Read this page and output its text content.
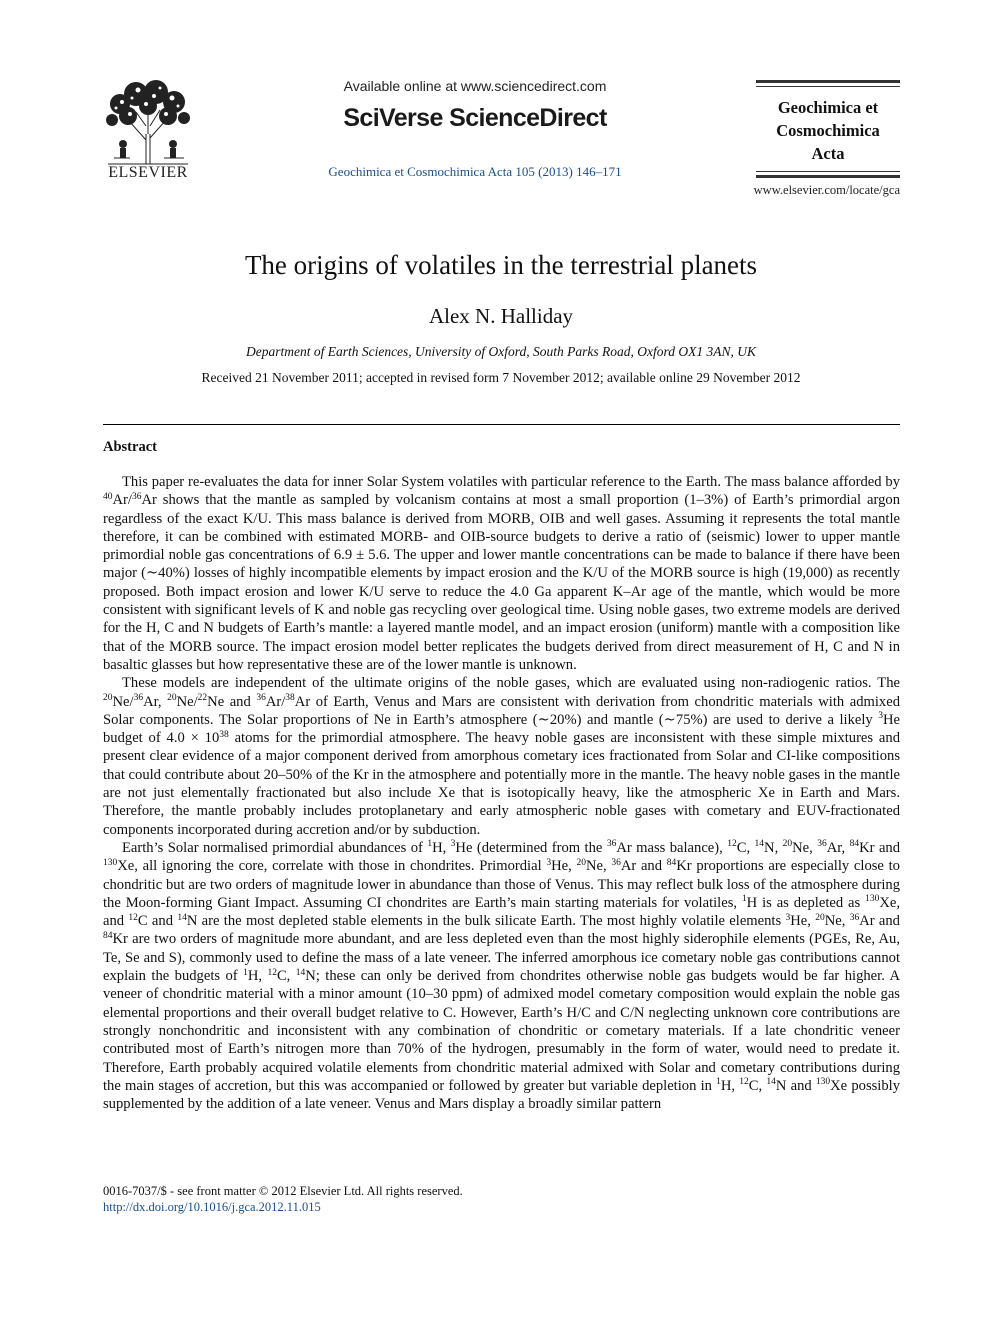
ELSEVIER
Available online at www.sciencedirect.com
SciVerse ScienceDirect
Geochimica et Cosmochimica Acta 105 (2013) 146–171
Geochimica et
Cosmochimica
Acta
www.elsevier.com/locate/gca
The origins of volatiles in the terrestrial planets
Alex N. Halliday
Department of Earth Sciences, University of Oxford, South Parks Road, Oxford OX1 3AN, UK
Received 21 November 2011; accepted in revised form 7 November 2012; available online 29 November 2012
Abstract

This paper re-evaluates the data for inner Solar System volatiles with particular reference to the Earth. The mass balance afforded by $^{40}$Ar/$^{36}$Ar shows that the mantle as sampled by volcanism contains at most a small proportion (1–3%) of Earth’s primordial argon regardless of the exact K/U. This mass balance is derived from MORB, OIB and well gases. Assuming it represents the total mantle therefore, it can be combined with estimated MORB- and OIB-source budgets to derive a ratio of (seismic) lower to upper mantle primordial noble gas concentrations of 6.9 ± 5.6. The upper and lower mantle concentrations can be made to balance if there have been major (∼40%) losses of highly incompatible elements by impact erosion and the K/U of the MORB source is high (19,000) as recently proposed. Both impact erosion and lower K/U serve to reduce the 4.0 Ga apparent K–Ar age of the mantle, which would be more consistent with significant levels of K and noble gas recycling over geological time. Using noble gases, two extreme models are derived for the H, C and N budgets of Earth’s mantle: a layered mantle model, and an impact erosion (uniform) mantle with a composition like that of the MORB source. The impact erosion model better replicates the budgets derived from direct measurement of H, C and N in basaltic glasses but how representative these are of the lower mantle is unknown.

These models are independent of the ultimate origins of the noble gases, which are evaluated using non-radiogenic ratios. The $^{20}$Ne/$^{36}$Ar, $^{20}$Ne/$^{22}$Ne and $^{36}$Ar/$^{38}$Ar of Earth, Venus and Mars are consistent with derivation from chondritic materials with admixed Solar components. The Solar proportions of Ne in Earth’s atmosphere (∼20%) and mantle (∼75%) are used to derive a likely $^3$He budget of $4.0 \times 10^{38}$ atoms for the primordial atmosphere. The heavy noble gases are inconsistent with these simple mixtures and present clear evidence of a major component derived from amorphous cometary ices fractionated from Solar and CI-like compositions that could contribute about 20–50% of the Kr in the atmosphere and potentially more in the mantle. The heavy noble gases in the mantle are not just elementally fractionated but also include Xe that is isotopically heavy, like the atmospheric Xe in Earth and Mars. Therefore, the mantle probably includes protoplanetary and early atmospheric noble gases with cometary and EUV-fractionated components incorporated during accretion and/or by subduction.

Earth’s Solar normalised primordial abundances of $^1$H, $^3$He (determined from the $^{36}$Ar mass balance), $^{12}$C, $^{14}$N, $^{20}$Ne, $^{36}$Ar, $^{84}$Kr and $^{130}$Xe, all ignoring the core, correlate with those in chondrites. Primordial $^3$He, $^{20}$Ne, $^{36}$Ar and $^{84}$Kr proportions are especially close to chondritic but are two orders of magnitude lower in abundance than those of Venus. This may reflect bulk loss of the atmosphere during the Moon-forming Giant Impact. Assuming CI chondrites are Earth’s main starting materials for volatiles, $^1$H is as depleted as $^{130}$Xe, and $^{12}$C and $^{14}$N are the most depleted stable elements in the bulk silicate Earth. The most highly volatile elements $^3$He, $^{20}$Ne, $^{36}$Ar and $^{84}$Kr are two orders of magnitude more abundant, and are less depleted even than the most highly siderophile elements (PGEs, Re, Au, Te, Se and S), commonly used to define the mass of a late veneer. The inferred amorphous ice cometary noble gas contributions cannot explain the budgets of $^1$H, $^{12}$C, $^{14}$N; these can only be derived from chondrites otherwise noble gas budgets would be far higher. A veneer of chondritic material with a minor amount (10–30 ppm) of admixed model cometary composition would explain the noble gas elemental proportions and their overall budget relative to C. However, Earth’s H/C and C/N neglecting unknown core contributions are strongly nonchondritic and inconsistent with any combination of chondritic or cometary materials. If a late chondritic veneer contributed most of Earth’s nitrogen more than 70% of the hydrogen, presumably in the form of water, would need to predate it. Therefore, Earth probably acquired volatile elements from chondritic material admixed with Solar and cometary contributions during the main stages of accretion, but this was accompanied or followed by greater but variable depletion in $^1$H, $^{12}$C, $^{14}$N and $^{130}$Xe possibly supplemented by the addition of a late veneer. Venus and Mars display a broadly similar pattern

0016-7037/$ - see front matter © 2012 Elsevier Ltd. All rights reserved.
http://dx.doi.org/10.1016/j.gca.2012.11.015
